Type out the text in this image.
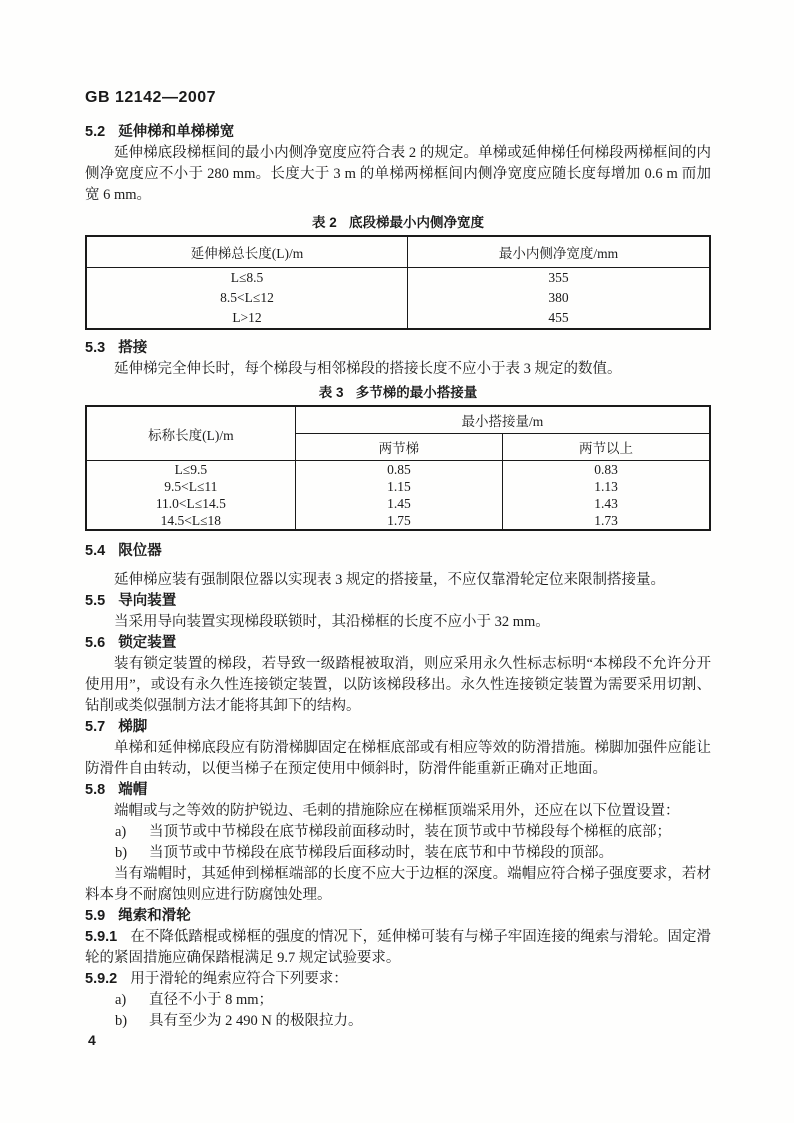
GB 12142—2007
5.2 延伸梯和单梯梯宽

延伸梯底段梯框间的最小内侧净宽度应符合表 2 的规定。单梯或延伸梯任何梯段两梯框间的内侧净宽度应不小于 280 mm。长度大于 3 m 的单梯两梯框间内侧净宽度应随长度每增加 0.6 m 而加宽 6 mm。

表 2 底段梯最小内侧净宽度
延伸梯总长度(L)/m	最小内侧净宽度/mm
L≤8.5	355
8.5<L≤12	380
L>12	455
5.3 搭接

延伸梯完全伸长时，每个梯段与相邻梯段的搭接长度不应小于表 3 规定的数值。

表 3 多节梯的最小搭接量
标称长度(L)/m	最小搭接量/m	
	两节梯	两节以上
L≤9.5	0.85	0.83
9.5<L≤11	1.15	1.13
11.0<L≤14.5	1.45	1.43
14.5<L≤18	1.75	1.73
5.4 限位器

延伸梯应装有强制限位器以实现表 3 规定的搭接量，不应仅靠滑轮定位来限制搭接量。

5.5 导向装置

当采用导向装置实现梯段联锁时，其沿梯框的长度不应小于 32 mm。

5.6 锁定装置

装有锁定装置的梯段，若导致一级踏棍被取消，则应采用永久性标志标明“本梯段不允许分开使用用”，或设有永久性连接锁定装置，以防该梯段移出。永久性连接锁定装置为需要采用切割、钻削或类似强制方法才能将其卸下的结构。

5.7 梯脚

单梯和延伸梯底段应有防滑梯脚固定在梯框底部或有相应等效的防滑措施。梯脚加强件应能让防滑件自由转动，以便当梯子在预定使用中倾斜时，防滑件能重新正确对正地面。

5.8 端帽

端帽或与之等效的防护锐边、毛刺的措施除应在梯框顶端采用外，还应在以下位置设置：

a) 当顶节或中节梯段在底节梯段前面移动时，装在顶节或中节梯段每个梯框的底部；
b) 当顶节或中节梯段在底节梯段后面移动时，装在底节和中节梯段的顶部。

当有端帽时，其延伸到梯框端部的长度不应大于边框的深度。端帽应符合梯子强度要求，若材料本身不耐腐蚀则应进行防腐蚀处理。

5.9 绳索和滑轮

5.9.1 在不降低踏棍或梯框的强度的情况下，延伸梯可装有与梯子牢固连接的绳索与滑轮。固定滑轮的紧固措施应确保踏棍满足 9.7 规定试验要求。

5.9.2 用于滑轮的绳索应符合下列要求：

a) 直径不小于 8 mm；
b) 具有至少为 2 490 N 的极限拉力。
4
